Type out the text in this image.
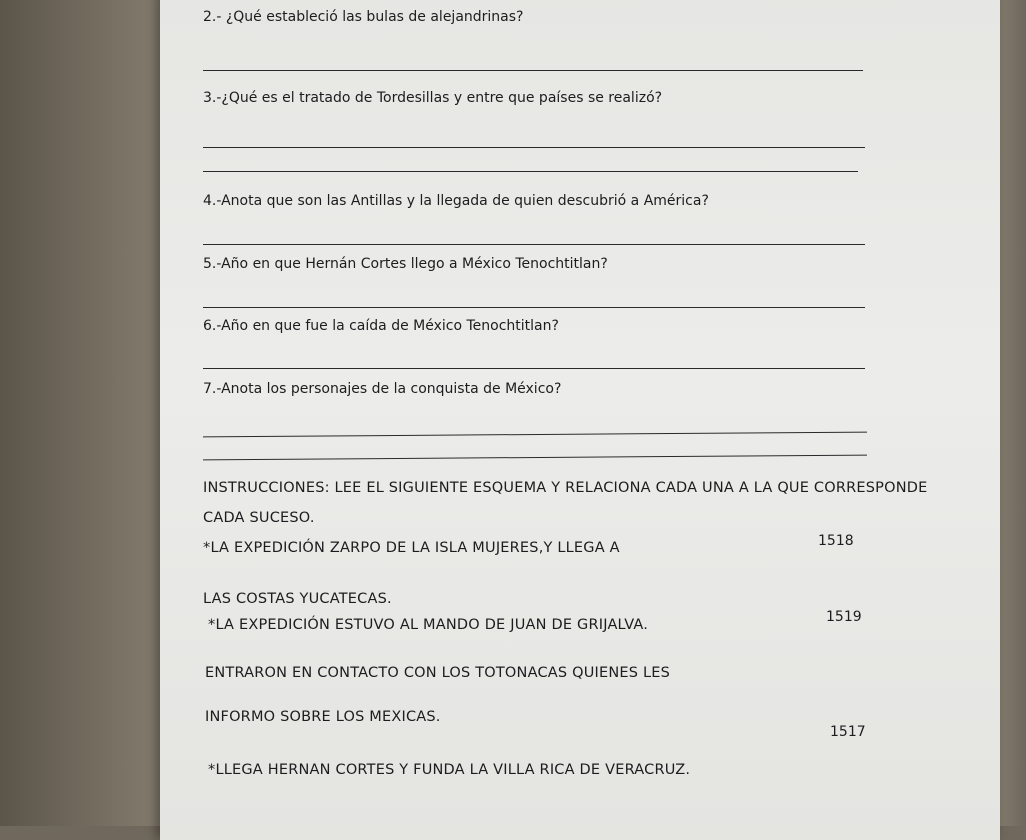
2.- ¿Qué estableció las bulas de alejandrinas?
3.-¿Qué es el tratado de Tordesillas y entre que países se realizó?
4.-Anota que son las Antillas y la llegada de quien descubrió a América?
5.-Año en que Hernán Cortes llego a México Tenochtitlan?
6.-Año en que fue la caída de México Tenochtitlan?
7.-Anota los personajes de la conquista de México?
INSTRUCCIONES: LEE EL SIGUIENTE ESQUEMA Y RELACIONA CADA UNA A LA QUE CORRESPONDE
CADA SUCESO.
*LA EXPEDICIÓN ZARPO DE LA ISLA MUJERES,Y LLEGA A
LAS COSTAS YUCATECAS.
*LA EXPEDICIÓN ESTUVO AL MANDO DE JUAN DE GRIJALVA.
ENTRARON EN CONTACTO CON LOS TOTONACAS QUIENES LES
INFORMO SOBRE LOS MEXICAS.
*LLEGA HERNAN CORTES Y FUNDA LA VILLA RICA DE VERACRUZ.
1518
1519
1517
